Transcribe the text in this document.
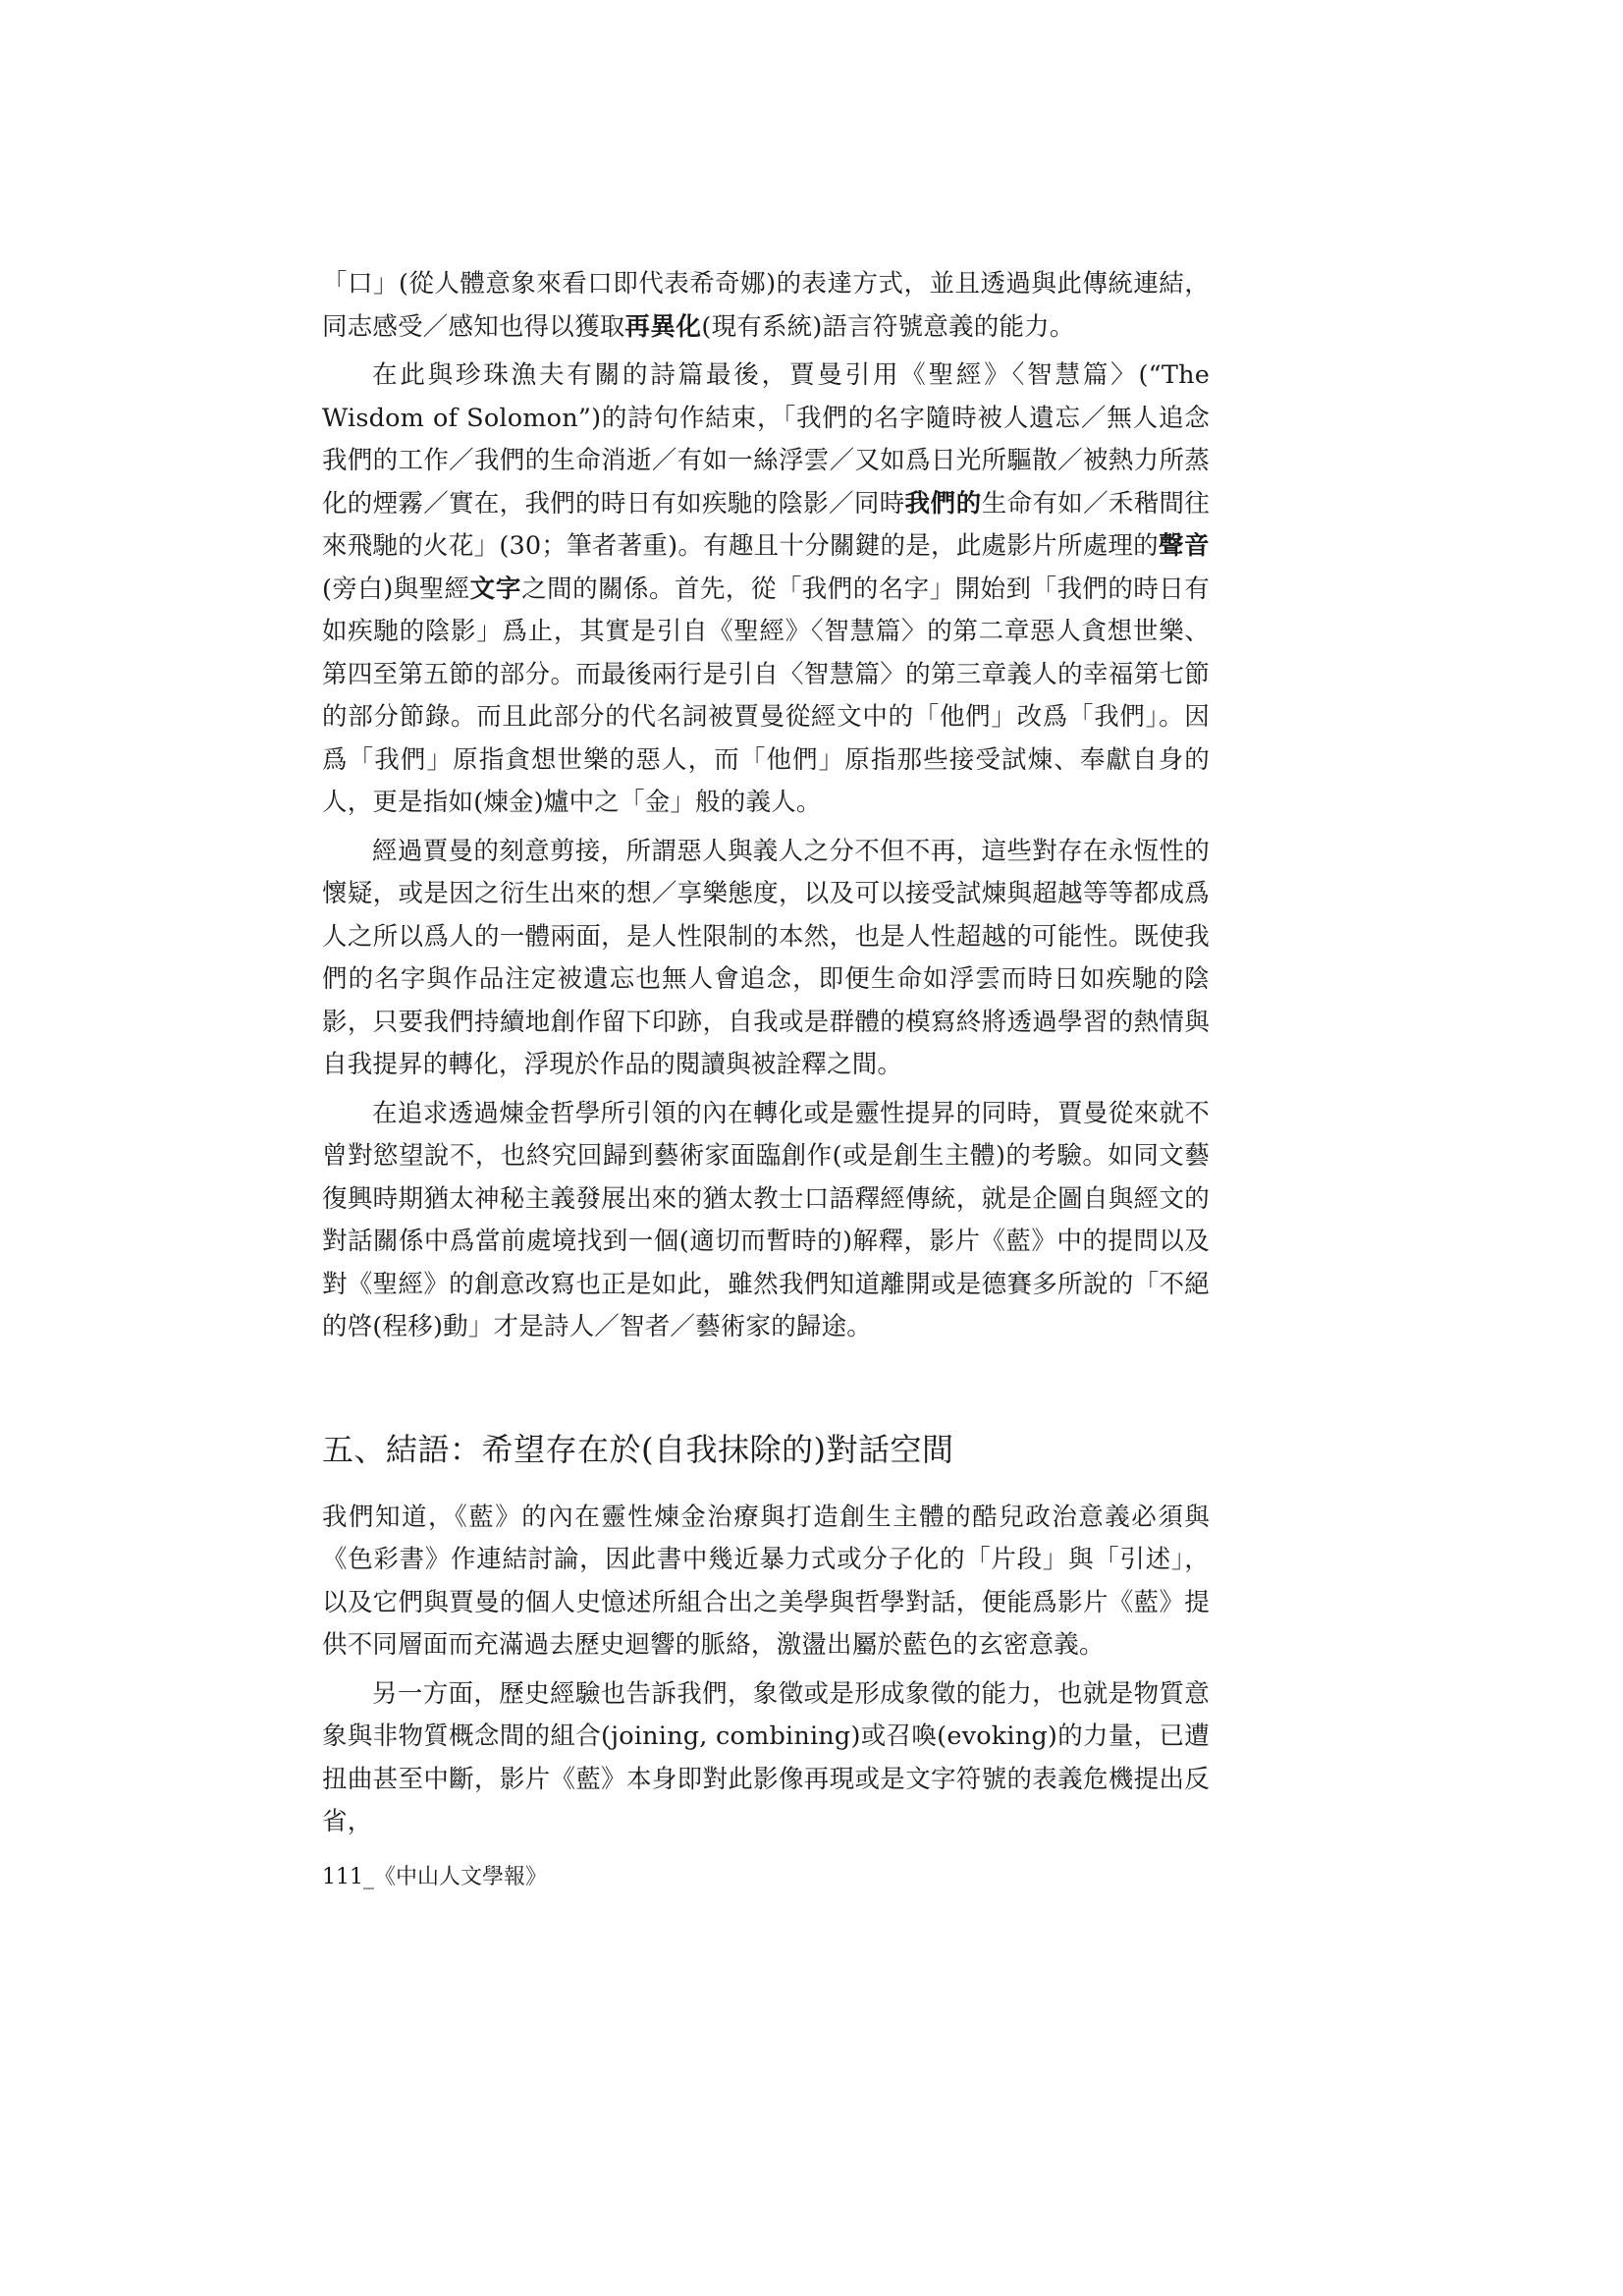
「口」(從人體意象來看口即代表希奇娜)的表達方式，並且透過與此傳統連結，同志感受／感知也得以獲取再異化(現有系統)語言符號意義的能力。

在此與珍珠漁夫有關的詩篇最後，賈曼引用《聖經》〈智慧篇〉(“The Wisdom of Solomon”)的詩句作結束，「我們的名字隨時被人遺忘／無人追念我們的工作／我們的生命消逝／有如一絲浮雲／又如爲日光所驅散／被熱力所蒸化的煙霧／實在，我們的時日有如疾馳的陰影／同時我們的生命有如／禾稭間往來飛馳的火花」(30；筆者著重)。有趣且十分關鍵的是，此處影片所處理的聲音(旁白)與聖經文字之間的關係。首先，從「我們的名字」開始到「我們的時日有如疾馳的陰影」爲止，其實是引自《聖經》〈智慧篇〉的第二章惡人貪想世樂、第四至第五節的部分。而最後兩行是引自〈智慧篇〉的第三章義人的幸福第七節的部分節錄。而且此部分的代名詞被賈曼從經文中的「他們」改爲「我們」。因爲「我們」原指貪想世樂的惡人，而「他們」原指那些接受試煉、奉獻自身的人，更是指如(煉金)爐中之「金」般的義人。

經過賈曼的刻意剪接，所謂惡人與義人之分不但不再，這些對存在永恆性的懷疑，或是因之衍生出來的想／享樂態度，以及可以接受試煉與超越等等都成爲人之所以爲人的一體兩面，是人性限制的本然，也是人性超越的可能性。既使我們的名字與作品注定被遺忘也無人會追念，即便生命如浮雲而時日如疾馳的陰影，只要我們持續地創作留下印跡，自我或是群體的模寫終將透過學習的熱情與自我提昇的轉化，浮現於作品的閱讀與被詮釋之間。

在追求透過煉金哲學所引領的內在轉化或是靈性提昇的同時，賈曼從來就不曾對慾望說不，也終究回歸到藝術家面臨創作(或是創生主體)的考驗。如同文藝復興時期猶太神秘主義發展出來的猶太教士口語釋經傳統，就是企圖自與經文的對話關係中爲當前處境找到一個(適切而暫時的)解釋，影片《藍》中的提問以及對《聖經》的創意改寫也正是如此，雖然我們知道離開或是德賽多所說的「不絕的啓(程移)動」才是詩人／智者／藝術家的歸途。

五、結語：希望存在於(自我抹除的)對話空間

我們知道，《藍》的內在靈性煉金治療與打造創生主體的酷兒政治意義必須與《色彩書》作連結討論，因此書中幾近暴力式或分子化的「片段」與「引述」，以及它們與賈曼的個人史憶述所組合出之美學與哲學對話，便能爲影片《藍》提供不同層面而充滿過去歷史迴響的脈絡，激盪出屬於藍色的玄密意義。

另一方面，歷史經驗也告訴我們，象徵或是形成象徵的能力，也就是物質意象與非物質概念間的組合(joining, combining)或召喚(evoking)的力量，已遭扭曲甚至中斷，影片《藍》本身即對此影像再現或是文字符號的表義危機提出反省，

111_《中山人文學報》
